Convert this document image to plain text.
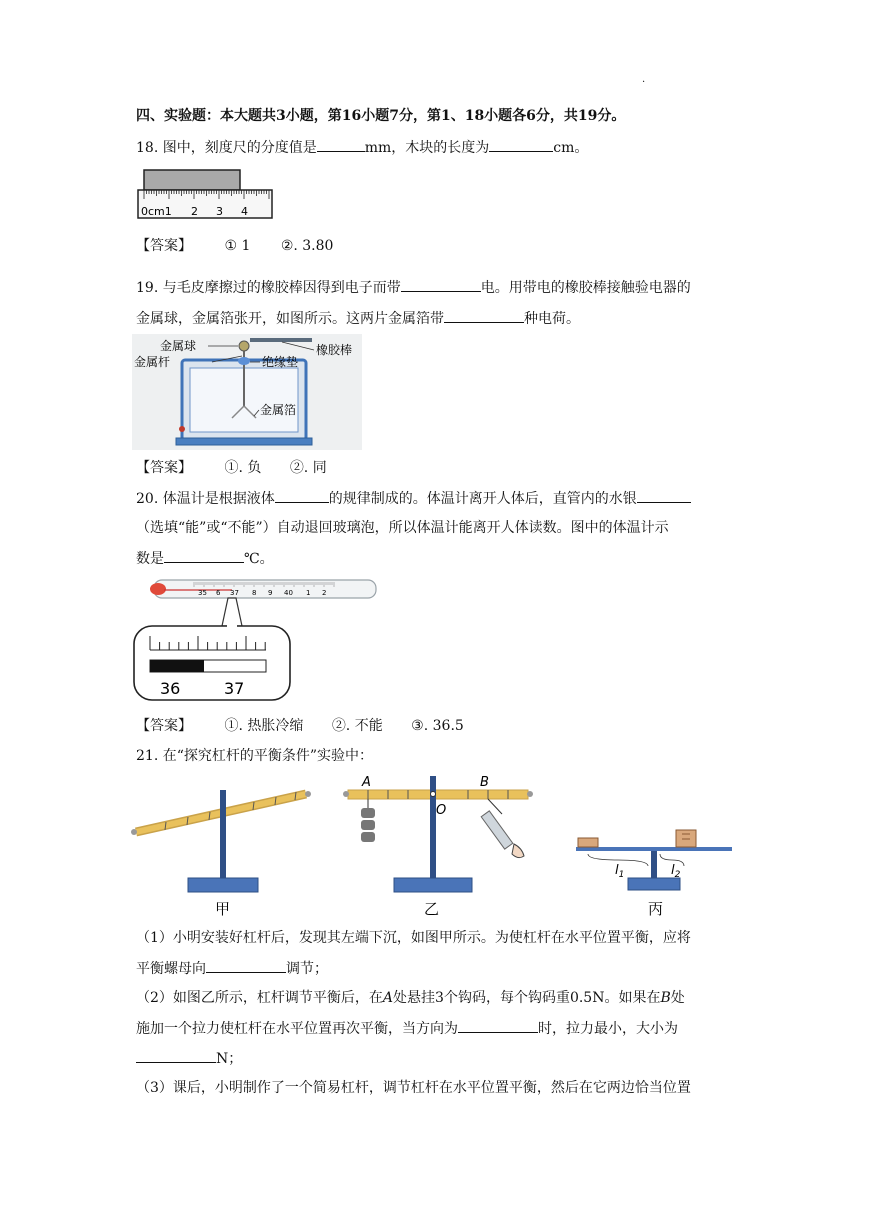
.
四、实验题：本大题共3小题，第16小题7分，第1、18小题各6分，共19分。
18. 图中，刻度尺的分度值是	mm，木块的长度为	cm。
0cm1 2 3 4
【答案】 ① 1 ②. 3.80
19. 与毛皮摩擦过的橡胶棒因得到电子而带	电。用带电的橡胶棒接触验电器的
金属球，金属箔张开，如图所示。这两片金属箔带	种电荷。
金属球
金属杆
橡胶棒
绝缘垫
金属箔
【答案】 ①. 负 ②. 同
20. 体温计是根据液体	的规律制成的。体温计离开人体后，直管内的水银
（选填“能”或“不能”）自动退回玻璃泡，所以体温计能离开人体读数。图中的体温计示
数是	℃。
35 6 37 8 9 40 1 2
36	37
【答案】 ①. 热胀冷缩 ②. 不能 ③. 36.5
21. 在“探究杠杆的平衡条件”实验中：
A
O
B
$l_1$	$l_2$
甲	乙	丙
（1）小明安装好杠杆后，发现其左端下沉，如图甲所示。为使杠杆在水平位置平衡，应将
平衡螺母向	调节；
（2）如图乙所示，杠杆调节平衡后，在A处悬挂3个钩码，每个钩码重0.5N。如果在B处
施加一个拉力使杠杆在水平位置再次平衡，当方向为	时，拉力最小，大小为
N；
（3）课后，小明制作了一个简易杠杆，调节杠杆在水平位置平衡，然后在它两边恰当位置
